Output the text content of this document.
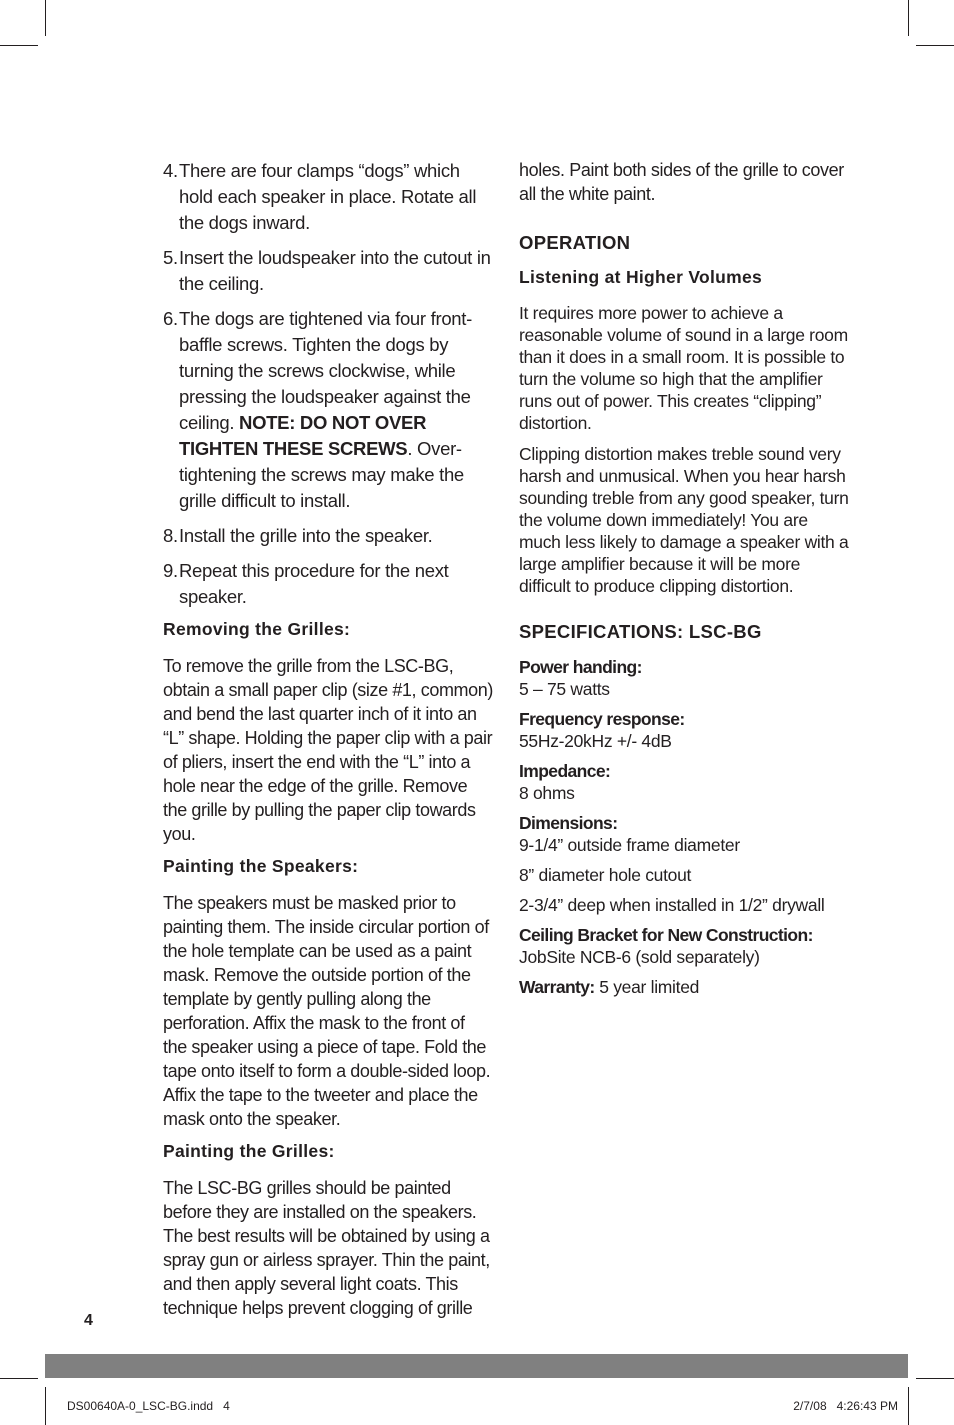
4. There are four clamps “dogs” which hold each speaker in place. Rotate all the dogs inward.
5. Insert the loudspeaker into the cutout in the ceiling.
6. The dogs are tightened via four front-baffle screws. Tighten the dogs by turning the screws clockwise, while pressing the loudspeaker against the ceiling. NOTE: DO NOT OVER TIGHTEN THESE SCREWS. Over-tightening the screws may make the grille difficult to install.
8. Install the grille into the speaker.
9. Repeat this procedure for the next speaker.
Removing the Grilles:

To remove the grille from the LSC-BG, obtain a small paper clip (size #1, common) and bend the last quarter inch of it into an “L” shape. Holding the paper clip with a pair of pliers, insert the end with the “L” into a hole near the edge of the grille. Remove the grille by pulling the paper clip towards you.

Painting the Speakers:

The speakers must be masked prior to painting them. The inside circular portion of the hole template can be used as a paint mask. Remove the outside portion of the template by gently pulling along the perforation. Affix the mask to the front of the speaker using a piece of tape. Fold the tape onto itself to form a double-sided loop. Affix the tape to the tweeter and place the mask onto the speaker.

Painting the Grilles:

The LSC-BG grilles should be painted before they are installed on the speakers. The best results will be obtained by using a spray gun or airless sprayer. Thin the paint, and then apply several light coats. This technique helps prevent clogging of grille

holes. Paint both sides of the grille to cover all the white paint.

OPERATION
Listening at Higher Volumes

It requires more power to achieve a reasonable volume of sound in a large room than it does in a small room. It is possible to turn the volume so high that the amplifier runs out of power. This creates “clipping” distortion.

Clipping distortion makes treble sound very harsh and unmusical. When you hear harsh sounding treble from any good speaker, turn the volume down immediately! You are much less likely to damage a speaker with a large amplifier because it will be more difficult to produce clipping distortion.

SPECIFICATIONS: LSC-BG
Power handing:
5 – 75 watts
Frequency response:
55Hz-20kHz +/- 4dB
Impedance:
8 ohms
Dimensions:
9-1/4” outside frame diameter
8” diameter hole cutout
2-3/4” deep when installed in 1/2” drywall
Ceiling Bracket for New Construction:
JobSite NCB-6 (sold separately)
Warranty: 5 year limited
4
DS00640A-0_LSC-BG.indd   4	2/7/08   4:26:43 PM
